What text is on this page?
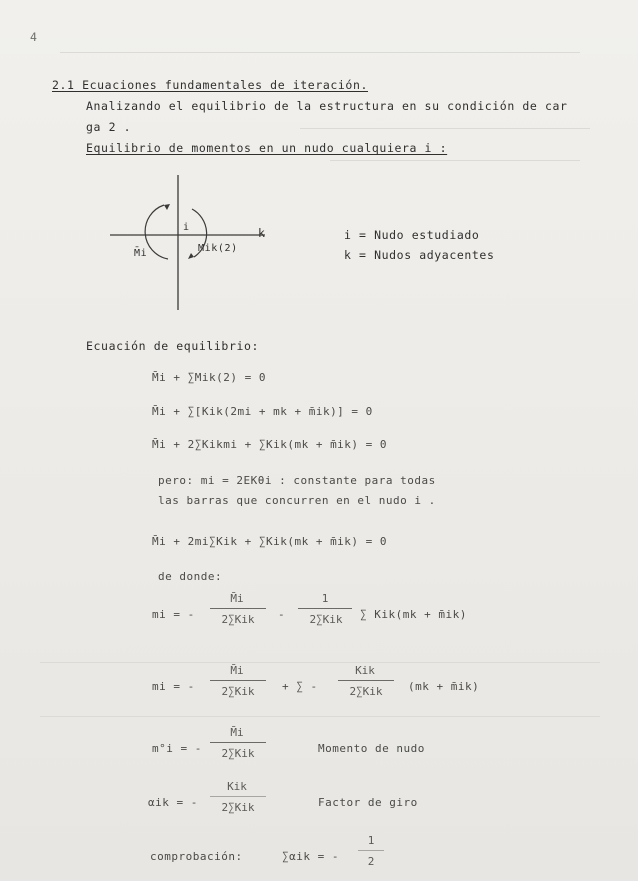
4
2.1 Ecuaciones fundamentales de iteración.
Analizando el equilibrio de la estructura en su condición de car
ga 2 .
Equilibrio de momentos en un nudo cualquiera i :
i	k
M̄i	Mik(2)
i = Nudo estudiado
k = Nudos adyacentes
Ecuación de equilibrio:
M̄i + ∑Mik(2) = 0
M̄i + ∑[Kik(2mi + mk + m̄ik)] = 0
M̄i + 2∑Kikmi + ∑Kik(mk + m̄ik) = 0
pero: mi = 2EKθi : constante para todas
las barras que concurren en el nudo i .
M̄i + 2mi∑Kik + ∑Kik(mk + m̄ik) = 0
de donde:
mi = -
M̄i
2∑Kik	-
1
2∑Kik	∑ Kik(mk + m̄ik)
mi = -
M̄i
2∑Kik	+ ∑ -
Kik
2∑Kik	(mk + m̄ik)
m°i = -
M̄i
2∑Kik	Momento de nudo
αik = -
Kik
2∑Kik	Factor de giro
comprobación:	∑αik = -
1
2
